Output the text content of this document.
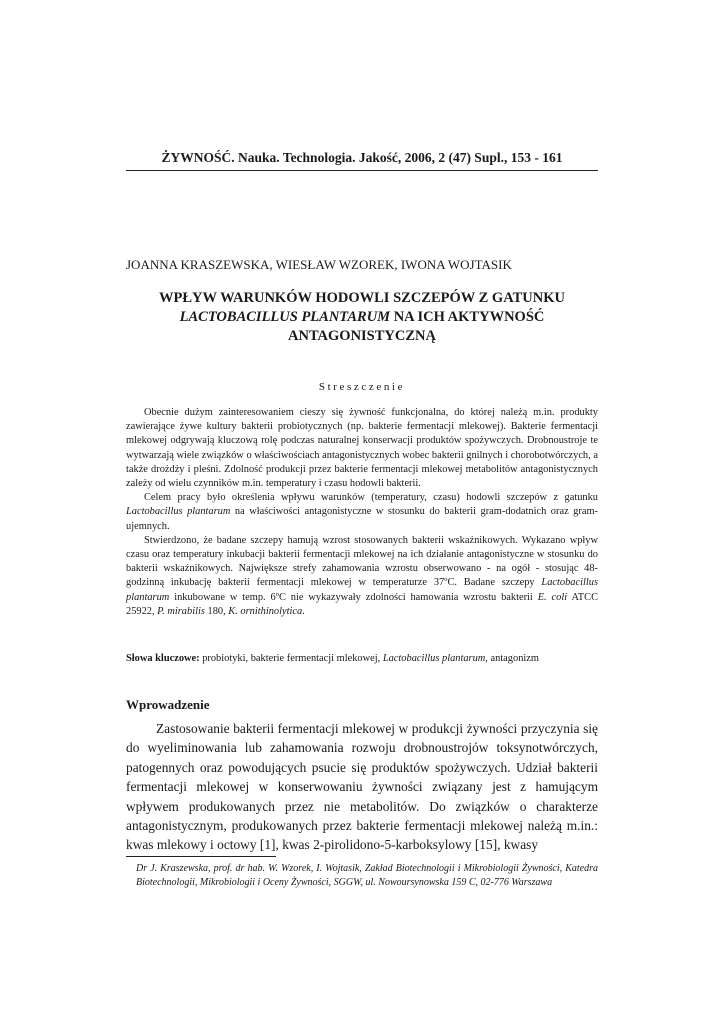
ŻYWNOŚĆ. Nauka. Technologia. Jakość, 2006, 2 (47) Supl., 153 - 161
JOANNA KRASZEWSKA, WIESŁAW WZOREK, IWONA WOJTASIK
WPŁYW WARUNKÓW HODOWLI SZCZEPÓW Z GATUNKU
LACTOBACILLUS PLANTARUM NA ICH AKTYWNOŚĆ
ANTAGONISTYCZNĄ
Streszczenie

Obecnie dużym zainteresowaniem cieszy się żywność funkcjonalna, do której należą m.in. produkty zawierające żywe kultury bakterii probiotycznych (np. bakterie fermentacji mlekowej). Bakterie fermentacji mlekowej odgrywają kluczową rolę podczas naturalnej konserwacji produktów spożywczych. Drobnoustroje te wytwarzają wiele związków o właściwościach antagonistycznych wobec bakterii gnilnych i chorobotwórczych, a także drożdży i pleśni. Zdolność produkcji przez bakterie fermentacji mlekowej metabolitów antagonistycznych zależy od wielu czynników m.in. temperatury i czasu hodowli bakterii.

Celem pracy było określenia wpływu warunków (temperatury, czasu) hodowli szczepów z gatunku Lactobacillus plantarum na właściwości antagonistyczne w stosunku do bakterii gram-dodatnich oraz gram-ujemnych.

Stwierdzono, że badane szczepy hamują wzrost stosowanych bakterii wskaźnikowych. Wykazano wpływ czasu oraz temperatury inkubacji bakterii fermentacji mlekowej na ich działanie antagonistyczne w stosunku do bakterii wskaźnikowych. Największe strefy zahamowania wzrostu obserwowano - na ogół - stosując 48-godzinną inkubację bakterii fermentacji mlekowej w temperaturze 37ºC. Badane szczepy Lactobacillus plantarum inkubowane w temp. 6ºC nie wykazywały zdolności hamowania wzrostu bakterii E. coli ATCC 25922, P. mirabilis 180, K. ornithinolytica.

Słowa kluczowe: probiotyki, bakterie fermentacji mlekowej, Lactobacillus plantarum, antagonizm
Wprowadzenie

Zastosowanie bakterii fermentacji mlekowej w produkcji żywności przyczynia się do wyeliminowania lub zahamowania rozwoju drobnoustrojów toksynotwórczych, patogennych oraz powodujących psucie się produktów spożywczych. Udział bakterii fermentacji mlekowej w konserwowaniu żywności związany jest z hamującym wpływem produkowanych przez nie metabolitów. Do związków o charakterze antagonistycznym, produkowanych przez bakterie fermentacji mlekowej należą m.in.: kwas mlekowy i octowy [1], kwas 2-pirolidono-5-karboksylowy [15], kwasy

Dr J. Kraszewska, prof. dr hab. W. Wzorek, I. Wojtasik, Zakład Biotechnologii i Mikrobiologii Żywności, Katedra Biotechnologii, Mikrobiologii i Oceny Żywności, SGGW, ul. Nowoursynowska 159 C, 02-776 Warszawa
